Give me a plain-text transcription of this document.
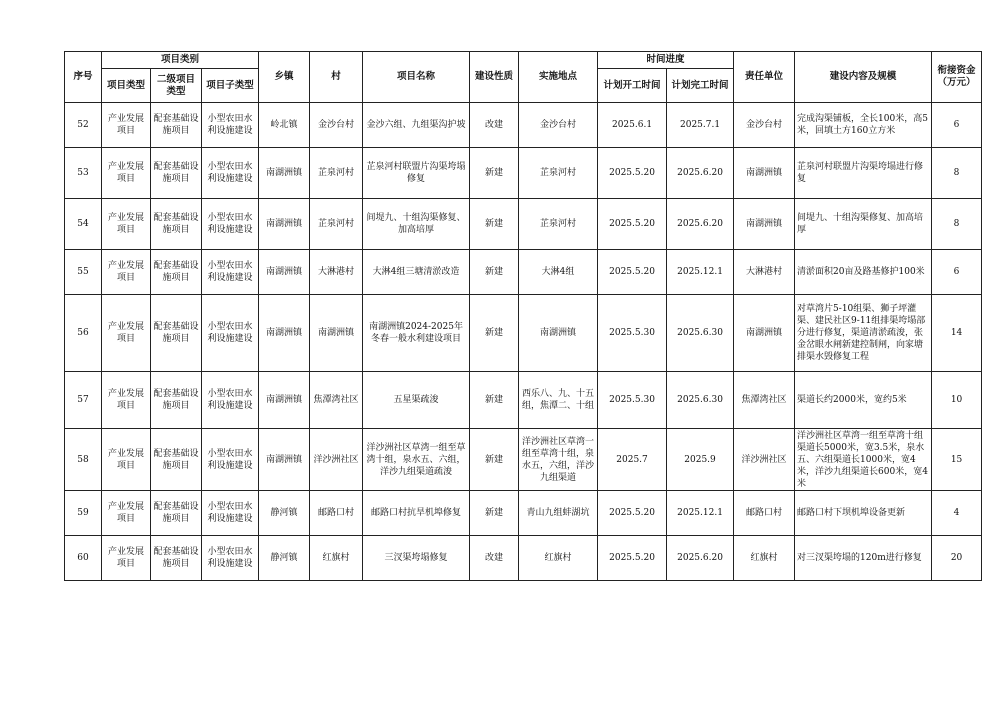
序号	项目类别			乡镇	村	项目名称	建设性质	实施地点	时间进度		责任单位	建设内容及规模	衔接资金（万元）
	项目类型	二级项目类型	项目子类型						计划开工时间	计划完工时间			
52	产业发展项目	配套基础设施项目	小型农田水利设施建设	岭北镇	金沙台村	金沙六组、九组渠沟护坡	改建	金沙台村	2025.6.1	2025.7.1	金沙台村	完成沟渠铺板，全长100米，高5米，回填土方160立方米	6
53	产业发展项目	配套基础设施项目	小型农田水利设施建设	南湖洲镇	芷泉河村	芷泉河村联盟片沟渠垮塌修复	新建	芷泉河村	2025.5.20	2025.6.20	南湖洲镇	芷泉河村联盟片沟渠垮塌进行修复	8
54	产业发展项目	配套基础设施项目	小型农田水利设施建设	南湖洲镇	芷泉河村	间堤九、十组沟渠修复、加高培厚	新建	芷泉河村	2025.5.20	2025.6.20	南湖洲镇	间堤九、十组沟渠修复、加高培厚	8
55	产业发展项目	配套基础设施项目	小型农田水利设施建设	南湖洲镇	大淋港村	大淋4组三塘清淤改造	新建	大淋4组	2025.5.20	2025.12.1	大淋港村	清淤面积20亩及路基修护100米	6
56	产业发展项目	配套基础设施项目	小型农田水利设施建设	南湖洲镇	南湖洲镇	南湖洲镇2024-2025年冬春一般水利建设项目	新建	南湖洲镇	2025.5.30	2025.6.30	南湖洲镇	对草湾片5-10组渠、狮子坪灌渠、建民社区9-11组排渠垮塌部分进行修复，渠道清淤疏浚，张金岔眼水闸新建控制闸，向家塘排渠水毁修复工程	14
57	产业发展项目	配套基础设施项目	小型农田水利设施建设	南湖洲镇	焦潭湾社区	五星渠疏浚	新建	西乐八、九、十五组，焦潭二、十组	2025.5.30	2025.6.30	焦潭湾社区	渠道长约2000米，宽约5米	10
58	产业发展项目	配套基础设施项目	小型农田水利设施建设	南湖洲镇	洋沙洲社区	洋沙洲社区草湾一组至草湾十组，泉水五、六组，洋沙九组渠道疏浚	新建	洋沙洲社区草湾一组至草湾十组，泉水五，六组，洋沙九组渠道	2025.7	2025.9	洋沙洲社区	洋沙洲社区草湾一组至草湾十组渠道长5000米，宽3.5米，泉水五、六组渠道长1000米，宽4米，洋沙九组渠道长600米，宽4米	15
59	产业发展项目	配套基础设施项目	小型农田水利设施建设	静河镇	邮路口村	邮路口村抗旱机埠修复	新建	青山九组蚌湖坑	2025.5.20	2025.12.1	邮路口村	邮路口村下坝机埠设备更新	4
60	产业发展项目	配套基础设施项目	小型农田水利设施建设	静河镇	红旗村	三汊渠垮塌修复	改建	红旗村	2025.5.20	2025.6.20	红旗村	对三汊渠垮塌的120m进行修复	20
